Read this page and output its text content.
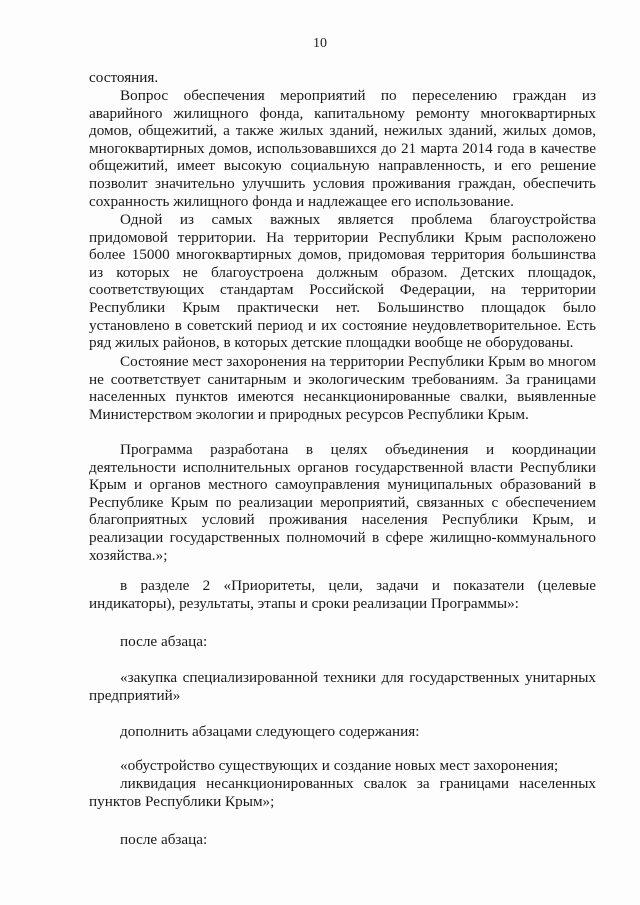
10
состояния.
Вопрос обеспечения мероприятий по переселению граждан из аварийного жилищного фонда, капитальному ремонту многоквартирных домов, общежитий, а также жилых зданий, нежилых зданий, жилых домов, многоквартирных домов, использовавшихся до 21 марта 2014 года в качестве общежитий, имеет высокую социальную направленность, и его решение позволит значительно улучшить условия проживания граждан, обеспечить сохранность жилищного фонда и надлежащее его использование.
Одной из самых важных является проблема благоустройства придомовой территории. На территории Республики Крым расположено более 15000 многоквартирных домов, придомовая территория большинства из которых не благоустроена должным образом. Детских площадок, соответствующих стандартам Российской Федерации, на территории Республики Крым практически нет. Большинство площадок было установлено в советский период и их состояние неудовлетворительное. Есть ряд жилых районов, в которых детские площадки вообще не оборудованы.
Состояние мест захоронения на территории Республики Крым во многом не соответствует санитарным и экологическим требованиям. За границами населенных пунктов имеются несанкционированные свалки, выявленные Министерством экологии и природных ресурсов Республики Крым.
Программа разработана в целях объединения и координации деятельности исполнительных органов государственной власти Республики Крым и органов местного самоуправления муниципальных образований в Республике Крым по реализации мероприятий, связанных с обеспечением благоприятных условий проживания населения Республики Крым, и реализации государственных полномочий в сфере жилищно-коммунального хозяйства.»;
в разделе 2 «Приоритеты, цели, задачи и показатели (целевые индикаторы), результаты, этапы и сроки реализации Программы»:
после абзаца:
«закупка специализированной техники для государственных унитарных предприятий»
дополнить абзацами следующего содержания:
«обустройство существующих и создание новых мест захоронения;
ликвидация несанкционированных свалок за границами населенных пунктов Республики Крым»;
после абзаца:
